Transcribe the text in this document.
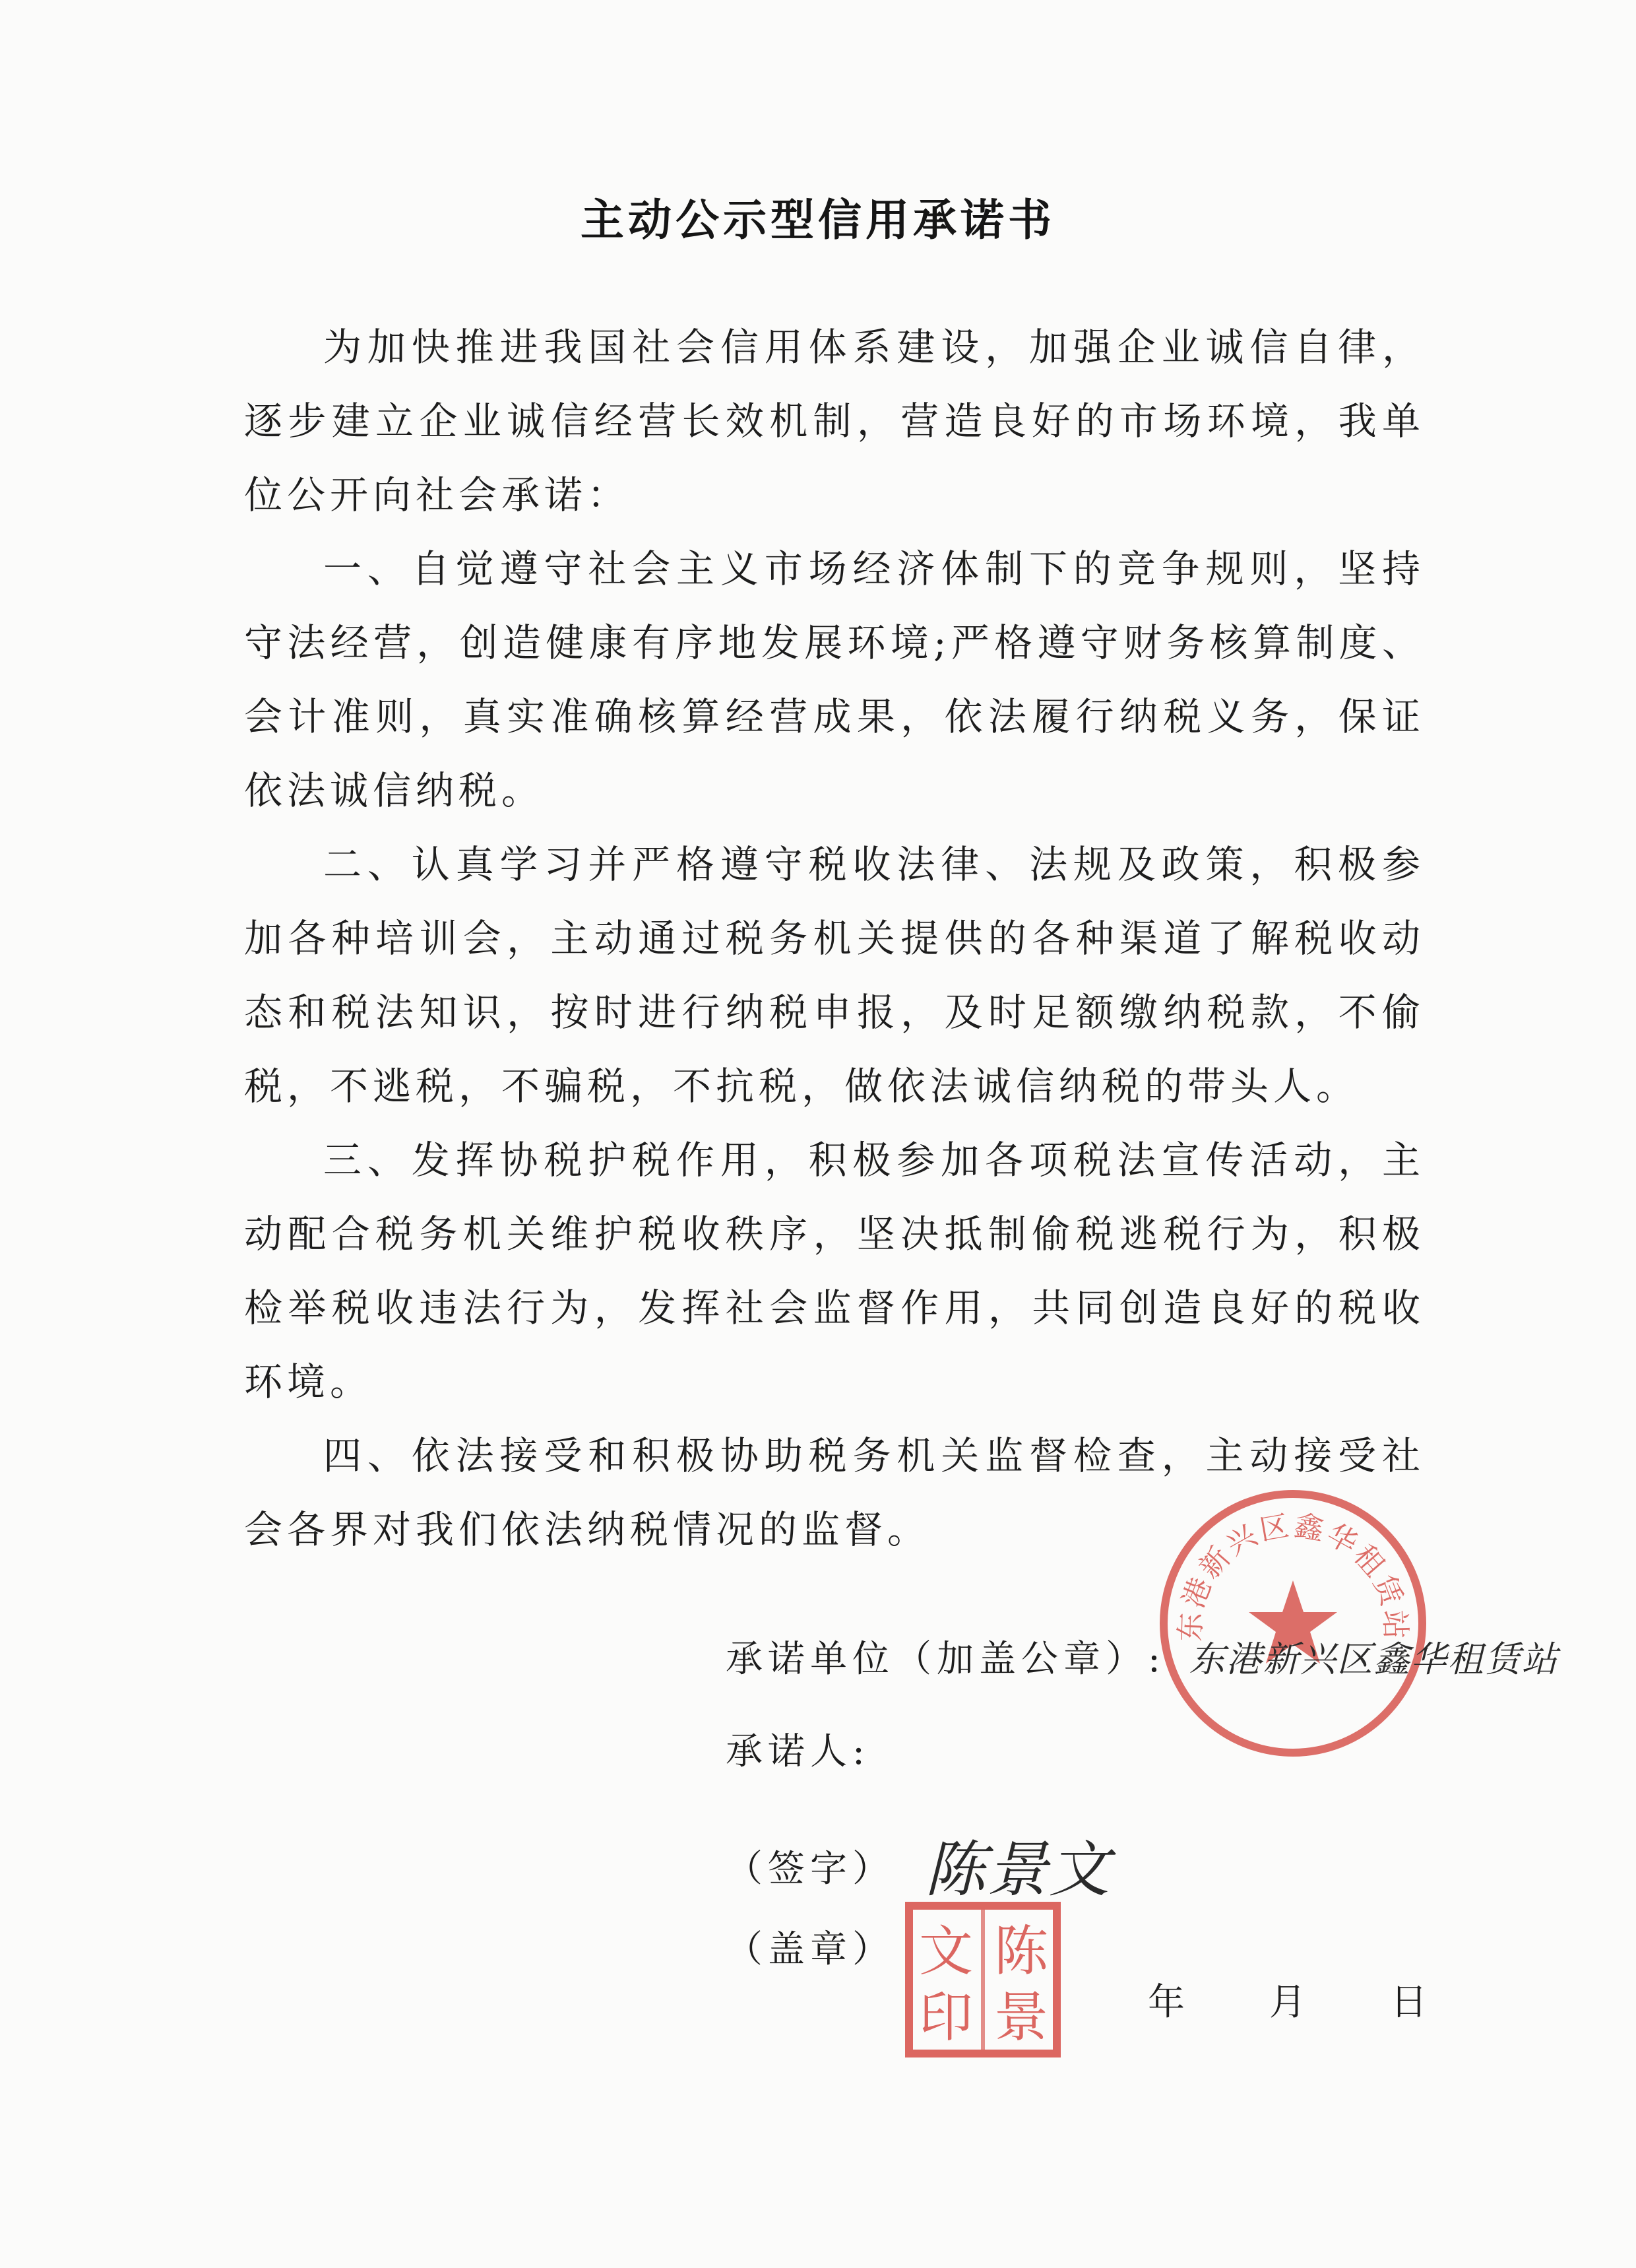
主动公示型信用承诺书

为加快推进我国社会信用体系建设，加强企业诚信自律，逐步建立企业诚信经营长效机制，营造良好的市场环境，我单位公开向社会承诺：

一、自觉遵守社会主义市场经济体制下的竞争规则，坚持守法经营，创造健康有序地发展环境;严格遵守财务核算制度、会计准则，真实准确核算经营成果，依法履行纳税义务，保证依法诚信纳税。

二、认真学习并严格遵守税收法律、法规及政策，积极参加各种培训会，主动通过税务机关提供的各种渠道了解税收动态和税法知识，按时进行纳税申报，及时足额缴纳税款，不偷税，不逃税，不骗税，不抗税，做依法诚信纳税的带头人。

三、发挥协税护税作用，积极参加各项税法宣传活动，主动配合税务机关维护税收秩序，坚决抵制偷税逃税行为，积极检举税收违法行为，发挥社会监督作用，共同创造良好的税收环境。

四、依法接受和积极协助税务机关监督检查，主动接受社会各界对我们依法纳税情况的监督。

东港新兴区鑫华租赁站
承诺单位（加盖公章）: 东港新兴区鑫华租赁站
承诺人:
（签字） 陈景文
（盖章） 陈
文
景
印	年 月 日
